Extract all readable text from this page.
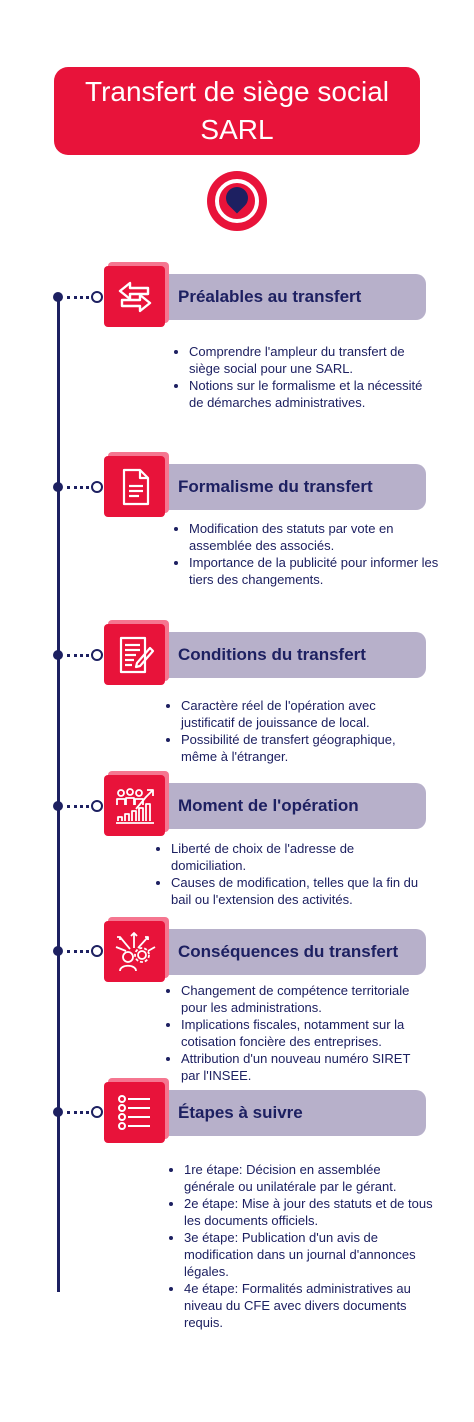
Transfert de siège social
SARL
Préalables au transfert
• Comprendre l'ampleur du transfert de siège social pour une SARL.
• Notions sur le formalisme et la nécessité de démarches administratives.
Formalisme du transfert
• Modification des statuts par vote en assemblée des associés.
• Importance de la publicité pour informer les tiers des changements.
Conditions du transfert
• Caractère réel de l'opération avec justificatif de jouissance de local.
• Possibilité de transfert géographique, même à l'étranger.
Moment de l'opération
• Liberté de choix de l'adresse de domiciliation.
• Causes de modification, telles que la fin du bail ou l'extension des activités.
Conséquences du transfert
• Changement de compétence territoriale pour les administrations.
• Implications fiscales, notamment sur la cotisation foncière des entreprises.
• Attribution d'un nouveau numéro SIRET par l'INSEE.
Étapes à suivre
• 1re étape: Décision en assemblée générale ou unilatérale par le gérant.
• 2e étape: Mise à jour des statuts et de tous les documents officiels.
• 3e étape: Publication d'un avis de modification dans un journal d'annonces légales.
• 4e étape: Formalités administratives au niveau du CFE avec divers documents requis.
